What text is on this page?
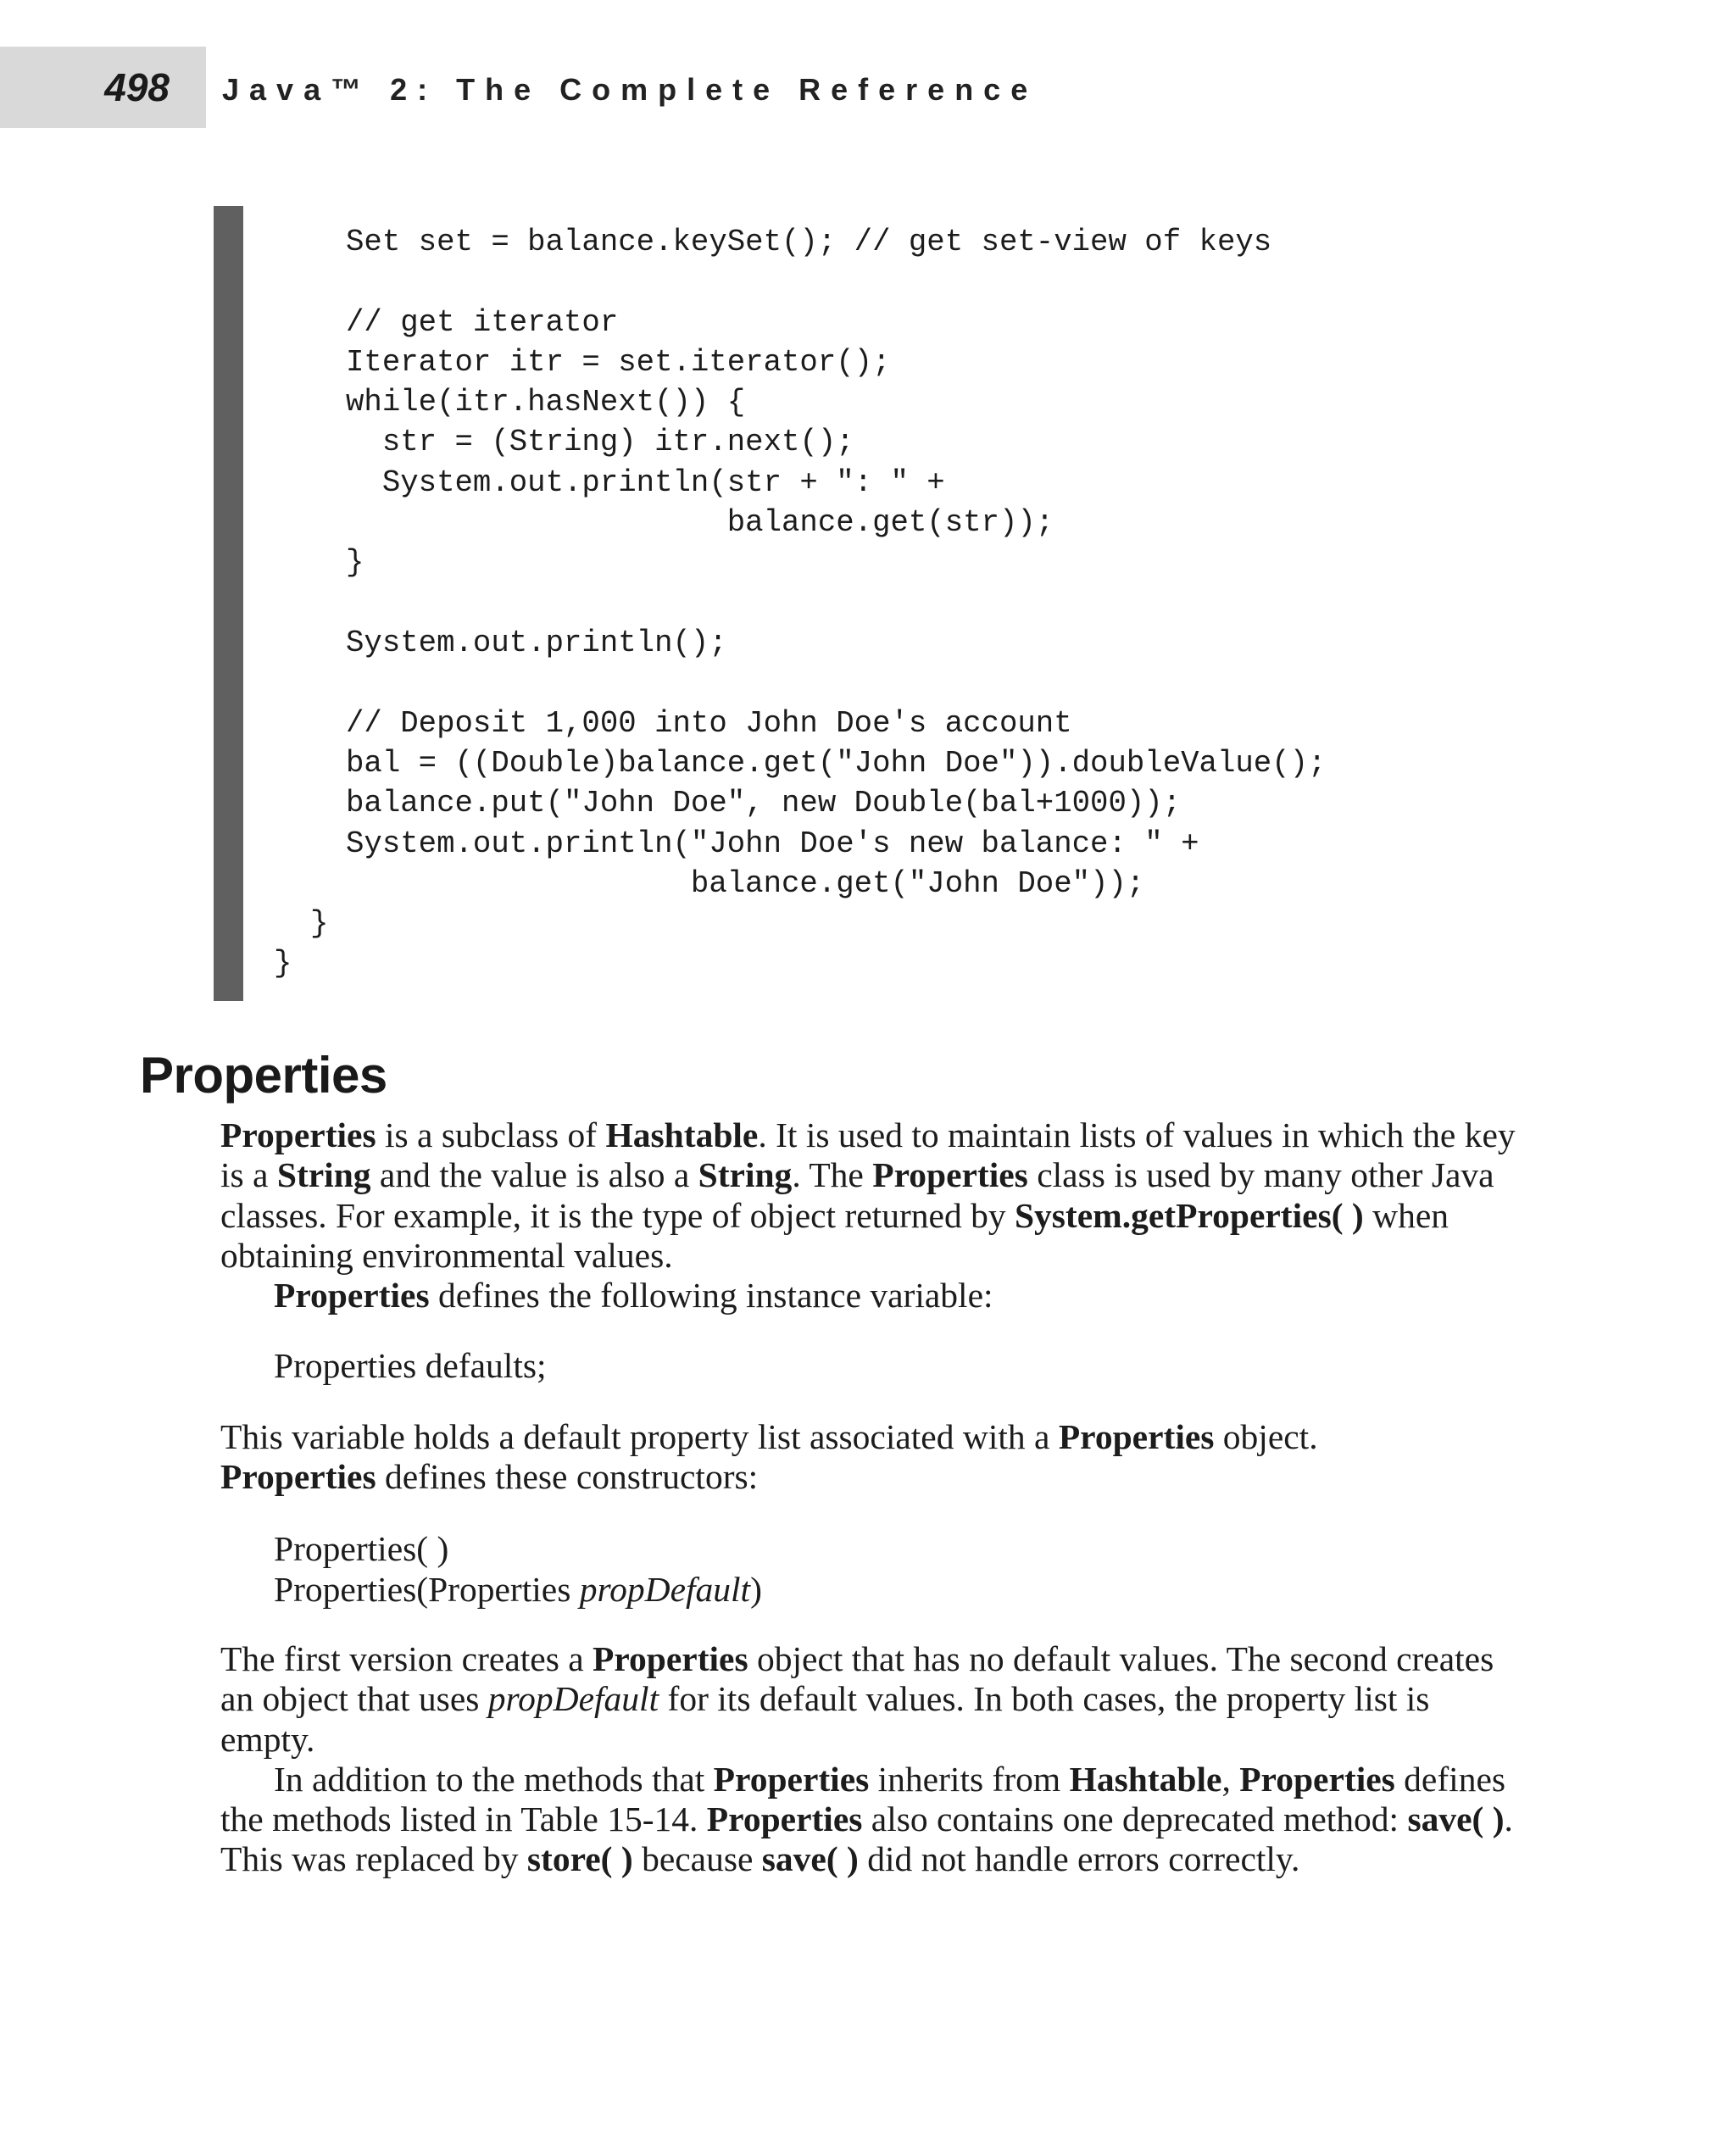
498 Java™ 2: The Complete Reference

Set set = balance.keySet(); // get set-view of keys

// get iterator

Iterator itr = set.iterator();

while(itr.hasNext()) {

str = (String) itr.next();

System.out.println(str + ": " +

balance.get(str));

}

System.out.println();

// Deposit 1,000 into John Doe's account

bal = ((Double)balance.get("John Doe")).doubleValue();

balance.put("John Doe", new Double(bal+1000));

System.out.println("John Doe's new balance: " +

balance.get("John Doe"));

}

}

Properties

Properties is a subclass of Hashtable. It is used to maintain lists of values in which the key is a String and the value is also a String. The Properties class is used by many other Java classes. For example, it is the type of object returned by System.getProperties( ) when obtaining environmental values.

Properties defines the following instance variable:

Properties defaults;

This variable holds a default property list associated with a Properties object.
Properties defines these constructors:

Properties( )
Properties(Properties propDefault)

The first version creates a Properties object that has no default values. The second creates an object that uses propDefault for its default values. In both cases, the property list is empty.

In addition to the methods that Properties inherits from Hashtable, Properties defines the methods listed in Table 15-14. Properties also contains one deprecated method: save( ). This was replaced by store( ) because save( ) did not handle errors correctly.
